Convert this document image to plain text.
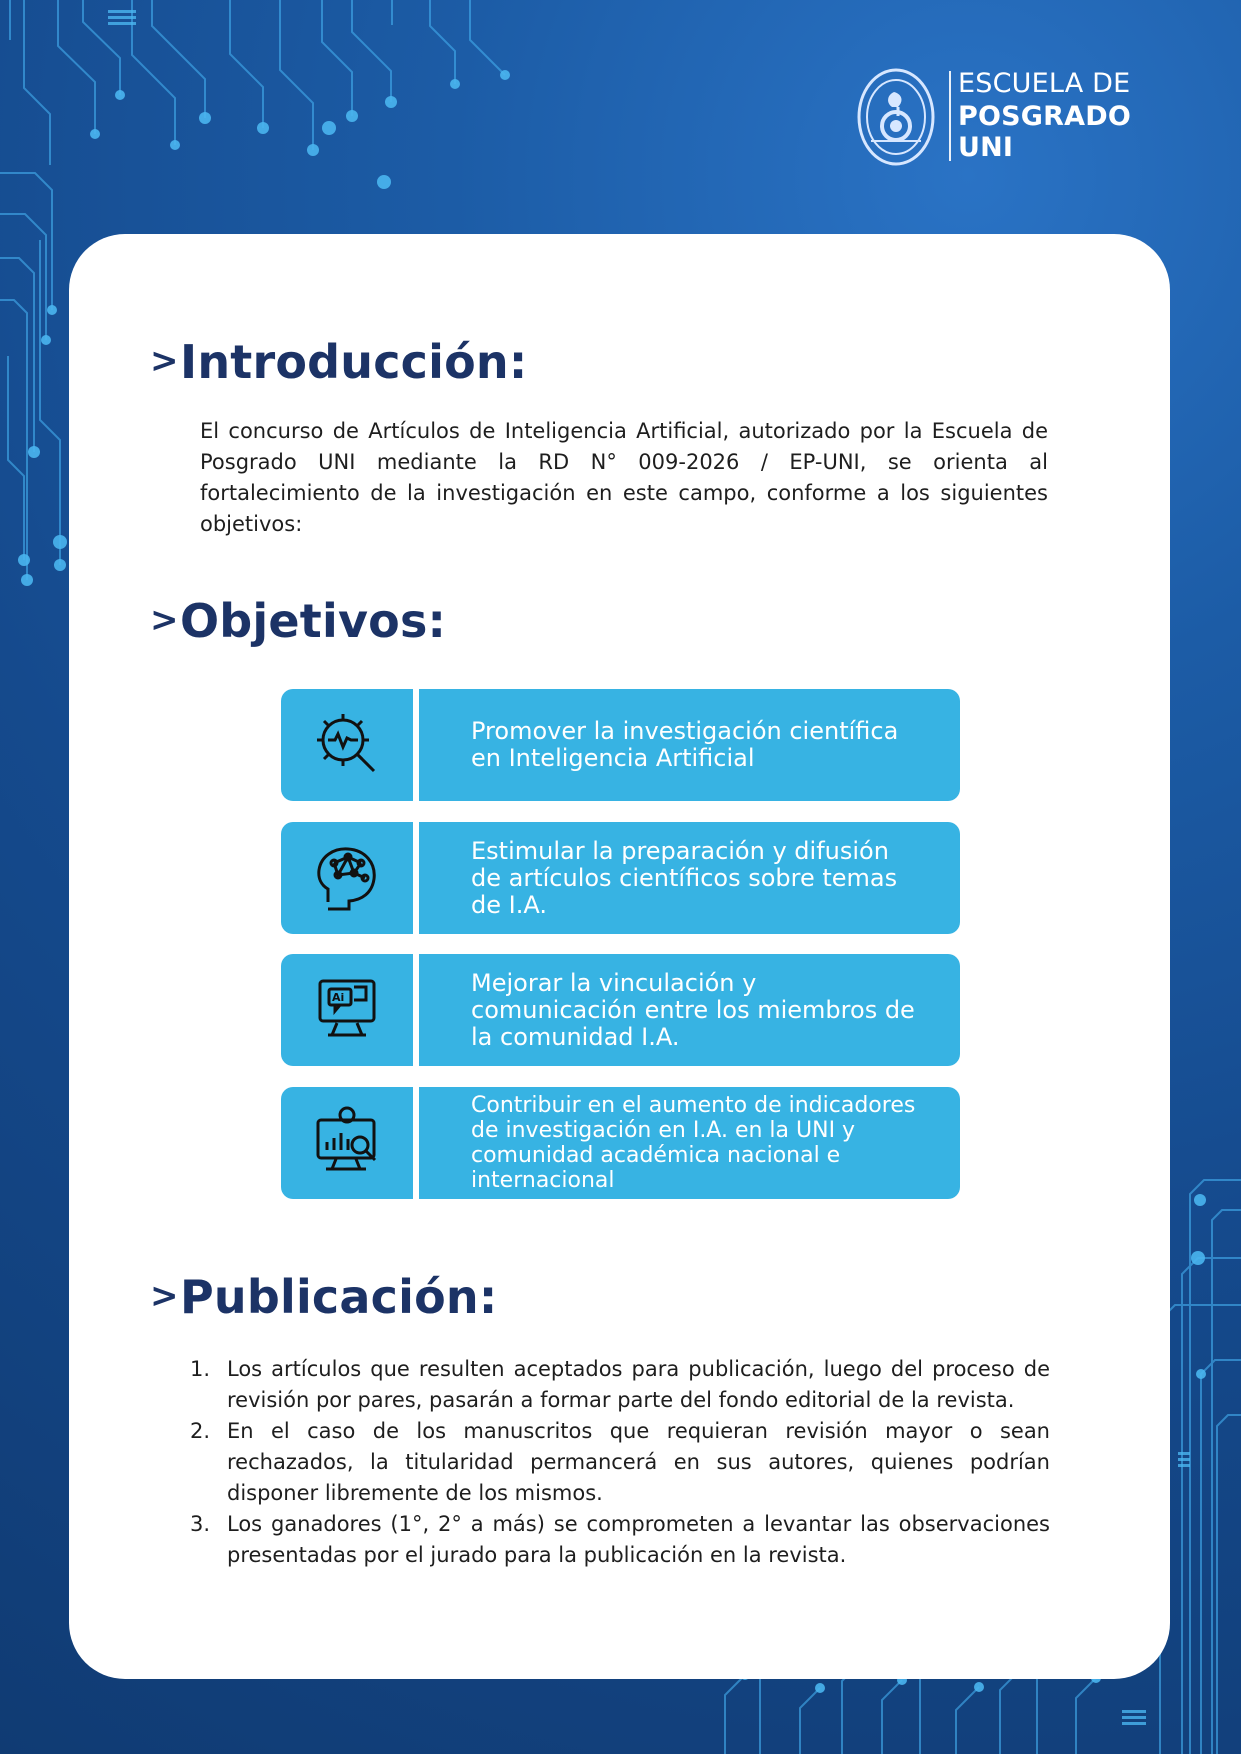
ESCUELA DE
POSGRADO
UNI
> Introducción:

El concurso de Artículos de Inteligencia Artificial, autorizado por la Escuela de Posgrado UNI mediante la RD N° 009-2026 / EP-UNI, se orienta al fortalecimiento de la investigación en este campo, conforme a los siguientes objetivos:

> Objetivos:

Promover la investigación científica en Inteligencia Artificial

Estimular la preparación y difusión de artículos científicos sobre temas de I.A.

Ai

Mejorar la vinculación y comunicación entre los miembros de la comunidad I.A.

Contribuir en el aumento de indicadores de investigación en I.A. en la UNI y comunidad académica nacional e internacional

> Publicación:
1. Los artículos que resulten aceptados para publicación, luego del proceso de revisión por pares, pasarán a formar parte del fondo editorial de la revista.
2. En el caso de los manuscritos que requieran revisión mayor o sean rechazados, la titularidad permancerá en sus autores, quienes podrían disponer libremente de los mismos.
3. Los ganadores (1°, 2° a más) se comprometen a levantar las observaciones presentadas por el jurado para la publicación en la revista.
